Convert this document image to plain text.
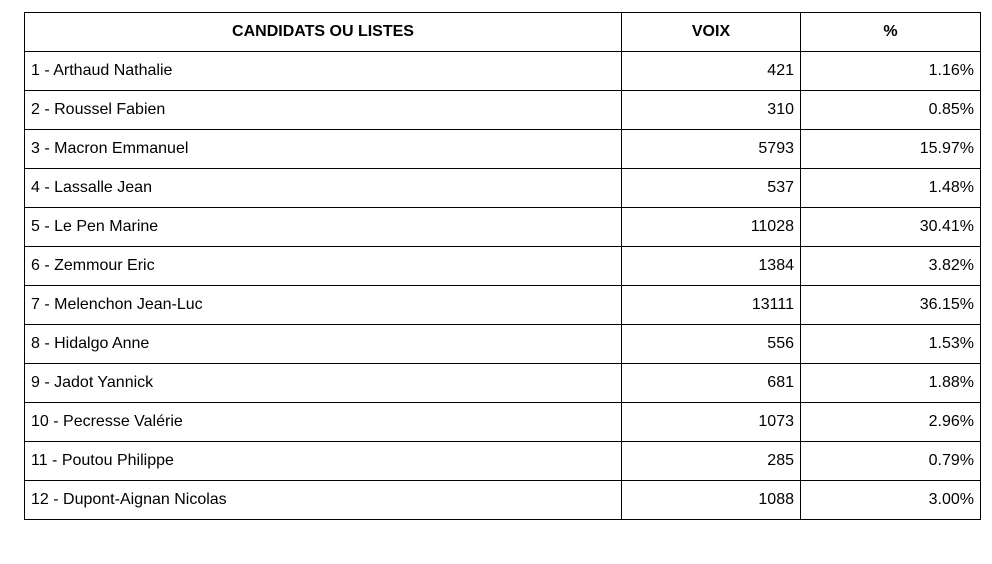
CANDIDATS OU LISTES	VOIX	%
1 - Arthaud Nathalie	421	1.16%
2 - Roussel Fabien	310	0.85%
3 - Macron Emmanuel	5793	15.97%
4 - Lassalle Jean	537	1.48%
5 - Le Pen Marine	11028	30.41%
6 - Zemmour Eric	1384	3.82%
7 - Melenchon Jean-Luc	13111	36.15%
8 - Hidalgo Anne	556	1.53%
9 - Jadot Yannick	681	1.88%
10 - Pecresse Valérie	1073	2.96%
11 - Poutou Philippe	285	0.79%
12 - Dupont-Aignan Nicolas	1088	3.00%
